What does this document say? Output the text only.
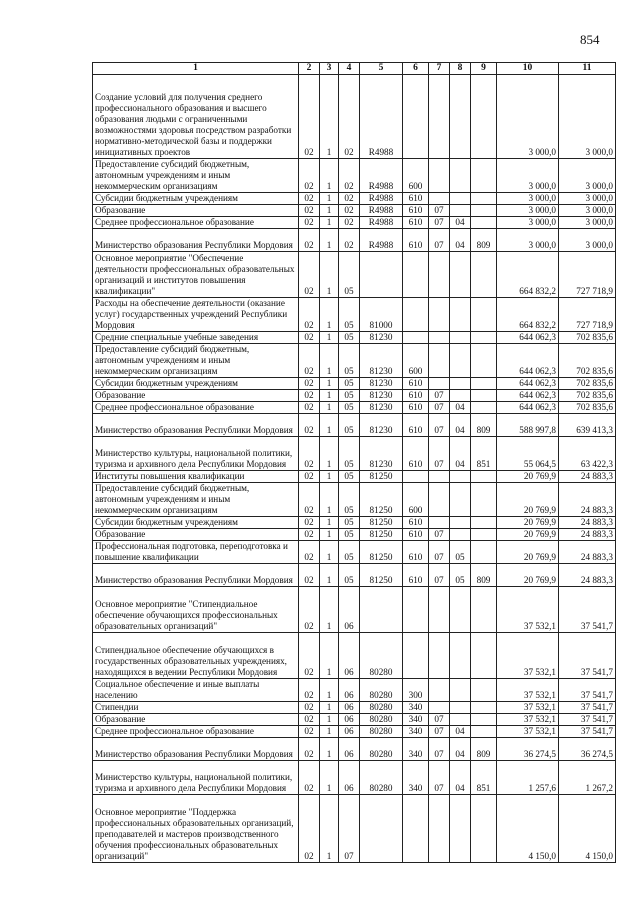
854
1	2	3	4	5	6	7	8	9	10	11
Создание условий для получения среднего профессионального образования и высшего образования людьми с ограниченными возможностями здоровья посредством разработки нормативно-методической базы и поддержки инициативных проектов	02	1	02	R4988					3 000,0	3 000,0
Предоставление субсидий бюджетным, автономным учреждениям и иным некоммерческим организациям	02	1	02	R4988	600				3 000,0	3 000,0
Субсидии бюджетным учреждениям	02	1	02	R4988	610				3 000,0	3 000,0
Образование	02	1	02	R4988	610	07			3 000,0	3 000,0
Среднее профессиональное образование	02	1	02	R4988	610	07	04		3 000,0	3 000,0
Министерство образования Республики Мордовия	02	1	02	R4988	610	07	04	809	3 000,0	3 000,0
Основное мероприятие "Обеспечение деятельности профессиональных образовательных организаций и институтов повышения квалификации"	02	1	05						664 832,2	727 718,9
Расходы на обеспечение деятельности (оказание услуг) государственных учреждений Республики Мордовия	02	1	05	81000					664 832,2	727 718,9
Средние специальные учебные заведения	02	1	05	81230					644 062,3	702 835,6
Предоставление субсидий бюджетным, автономным учреждениям и иным некоммерческим организациям	02	1	05	81230	600				644 062,3	702 835,6
Субсидии бюджетным учреждениям	02	1	05	81230	610				644 062,3	702 835,6
Образование	02	1	05	81230	610	07			644 062,3	702 835,6
Среднее профессиональное образование	02	1	05	81230	610	07	04		644 062,3	702 835,6
Министерство образования Республики Мордовия	02	1	05	81230	610	07	04	809	588 997,8	639 413,3
Министерство культуры, национальной политики, туризма и архивного дела Республики Мордовия	02	1	05	81230	610	07	04	851	55 064,5	63 422,3
Институты повышения квалификации	02	1	05	81250					20 769,9	24 883,3
Предоставление субсидий бюджетным, автономным учреждениям и иным некоммерческим организациям	02	1	05	81250	600				20 769,9	24 883,3
Субсидии бюджетным учреждениям	02	1	05	81250	610				20 769,9	24 883,3
Образование	02	1	05	81250	610	07			20 769,9	24 883,3
Профессиональная подготовка, переподготовка и повышение квалификации	02	1	05	81250	610	07	05		20 769,9	24 883,3
Министерство образования Республики Мордовия	02	1	05	81250	610	07	05	809	20 769,9	24 883,3
Основное мероприятие "Стипендиальное обеспечение обучающихся профессиональных образовательных организаций"	02	1	06						37 532,1	37 541,7
Стипендиальное обеспечение обучающихся в государственных образовательных учреждениях, находящихся в ведении Республики Мордовия	02	1	06	80280					37 532,1	37 541,7
Социальное обеспечение и иные выплаты населению	02	1	06	80280	300				37 532,1	37 541,7
Стипендии	02	1	06	80280	340				37 532,1	37 541,7
Образование	02	1	06	80280	340	07			37 532,1	37 541,7
Среднее профессиональное образование	02	1	06	80280	340	07	04		37 532,1	37 541,7
Министерство образования Республики Мордовия	02	1	06	80280	340	07	04	809	36 274,5	36 274,5
Министерство культуры, национальной политики, туризма и архивного дела Республики Мордовия	02	1	06	80280	340	07	04	851	1 257,6	1 267,2
Основное мероприятие "Поддержка профессиональных образовательных организаций, преподавателей и мастеров производственного обучения профессиональных образовательных организаций"	02	1	07						4 150,0	4 150,0
